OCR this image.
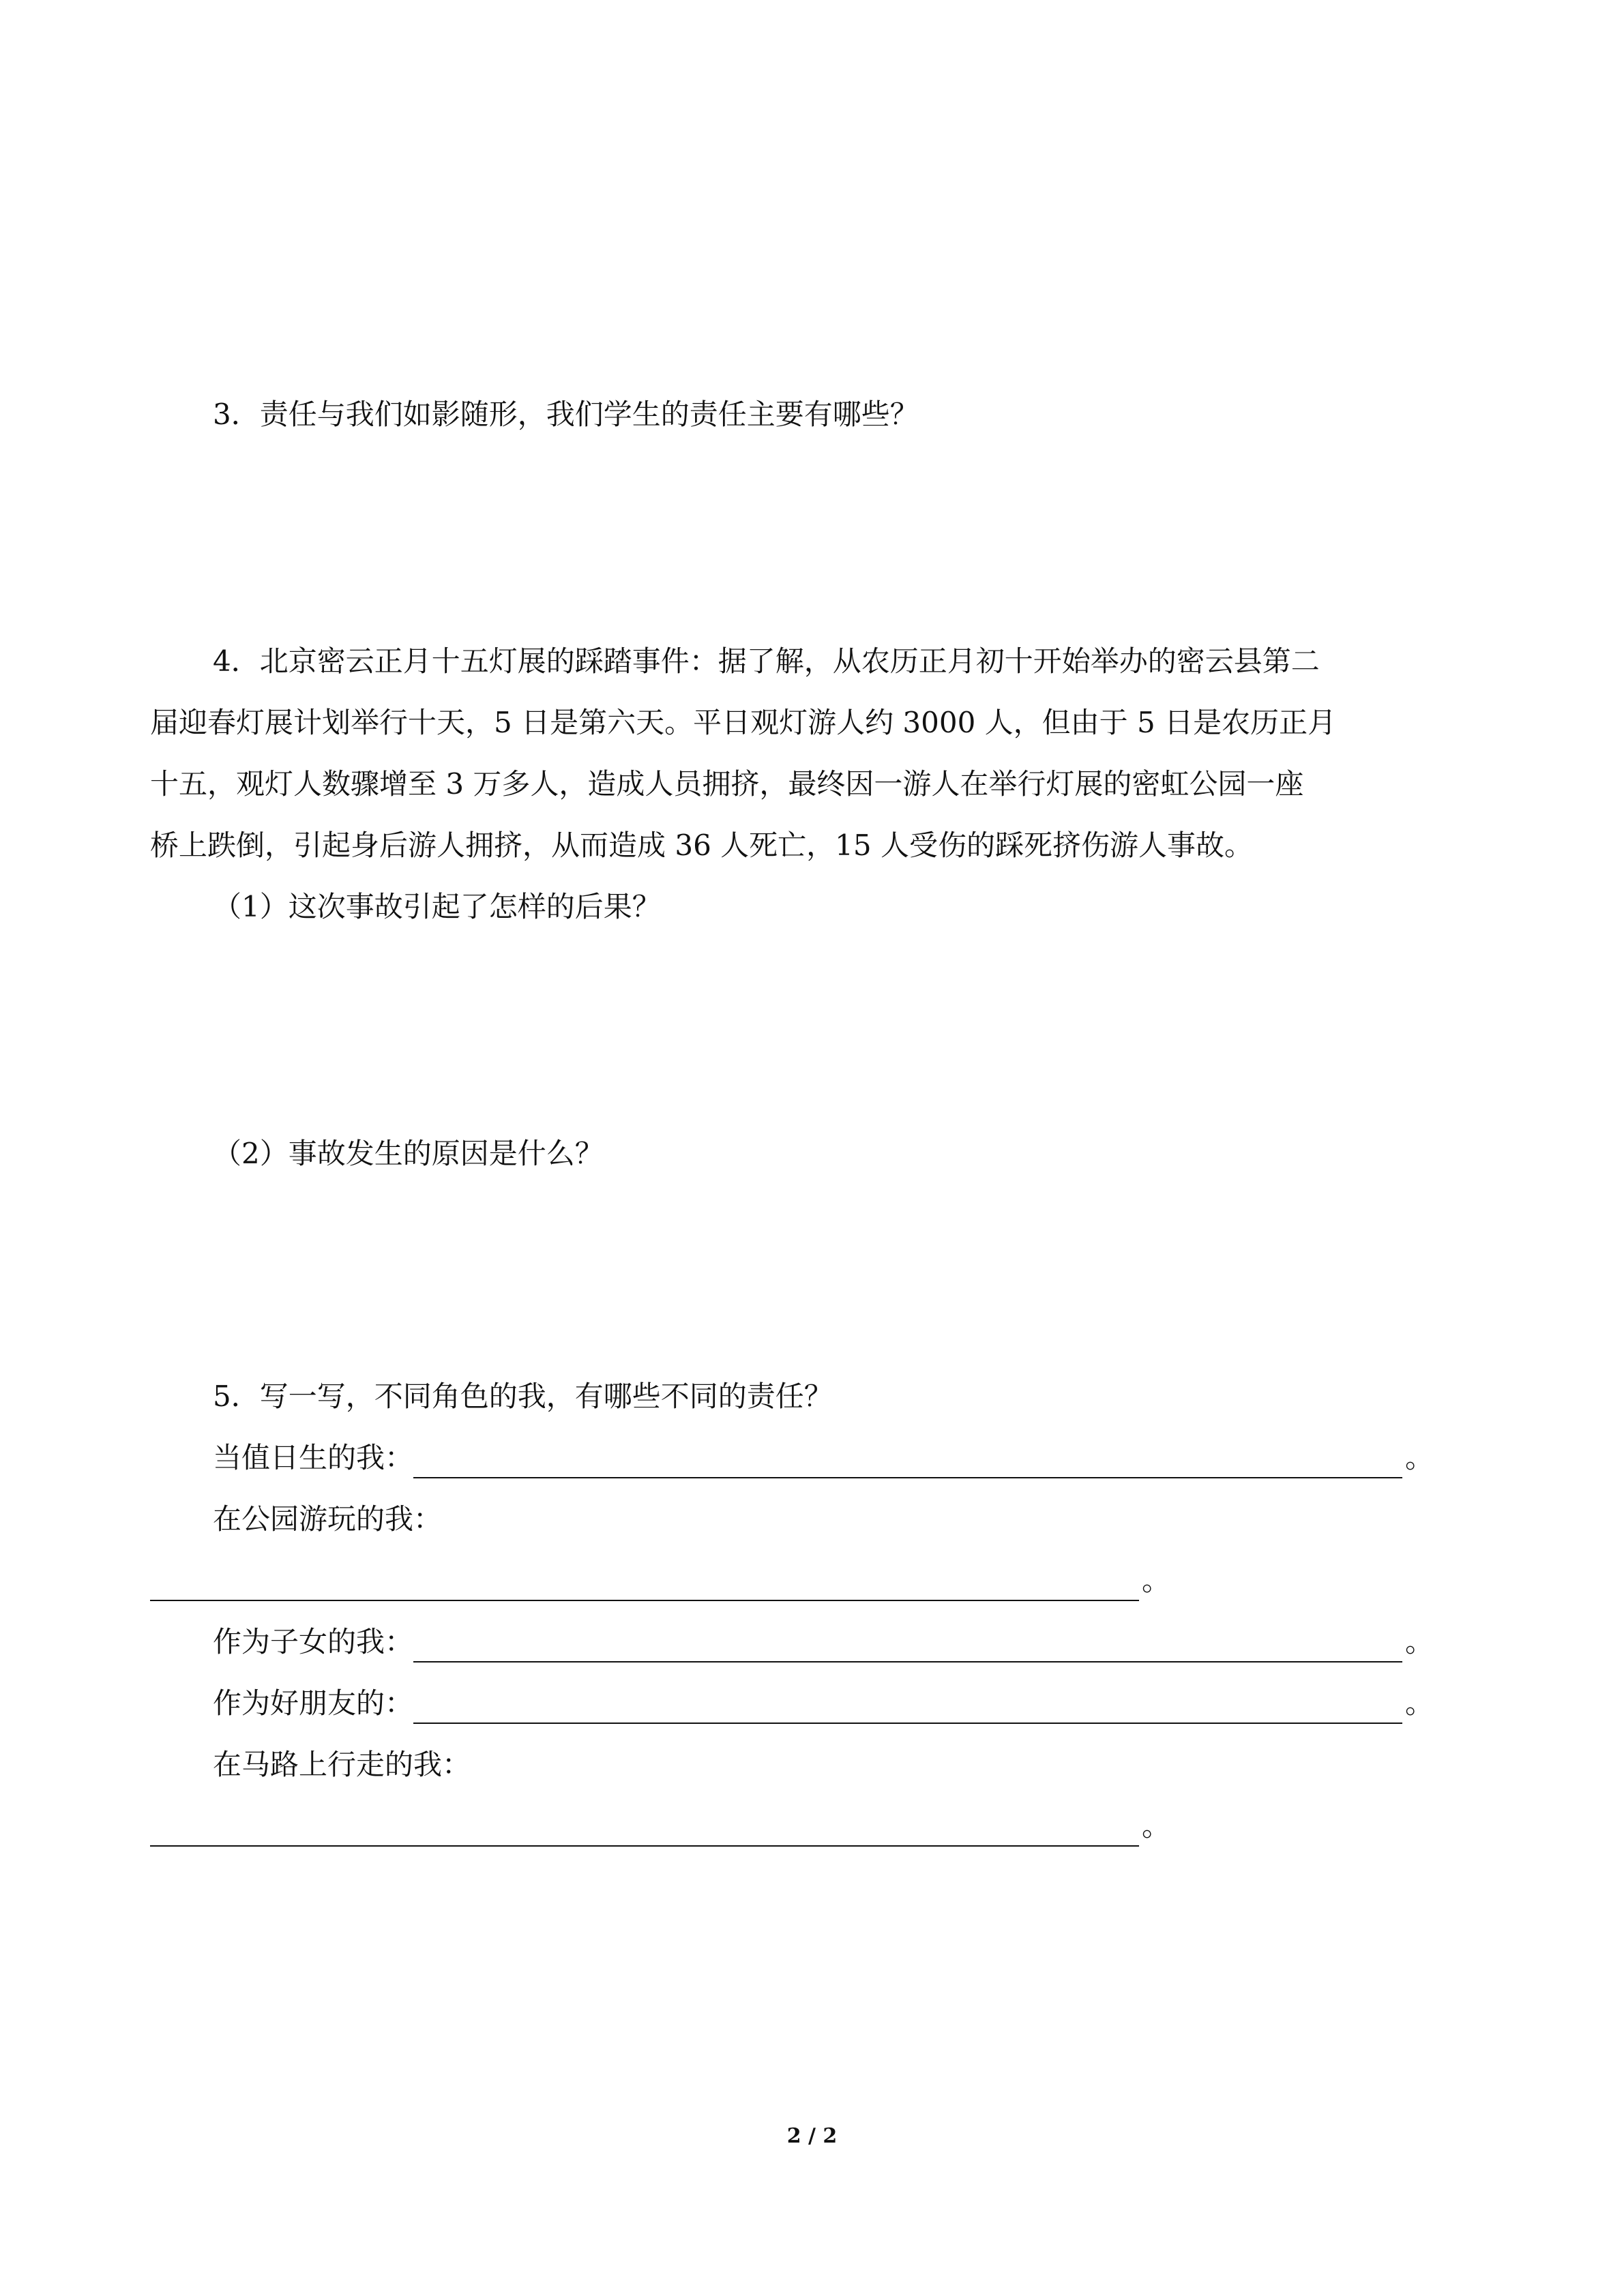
3．责任与我们如影随形，我们学生的责任主要有哪些？

4．北京密云正月十五灯展的踩踏事件：据了解，从农历正月初十开始举办的密云县第二

届迎春灯展计划举行十天，5 日是第六天。平日观灯游人约 3000 人，但由于 5 日是农历正月

十五，观灯人数骤增至 3 万多人，造成人员拥挤，最终因一游人在举行灯展的密虹公园一座

桥上跌倒，引起身后游人拥挤，从而造成 36 人死亡，15 人受伤的踩死挤伤游人事故。

（1）这次事故引起了怎样的后果？

（2）事故发生的原因是什么？

5．写一写，不同角色的我，有哪些不同的责任？

当值日生的我：	。

在公园游玩的我：

。
作为子女的我：	。
作为好朋友的：	。

在马路上行走的我：

。
2 / 2
